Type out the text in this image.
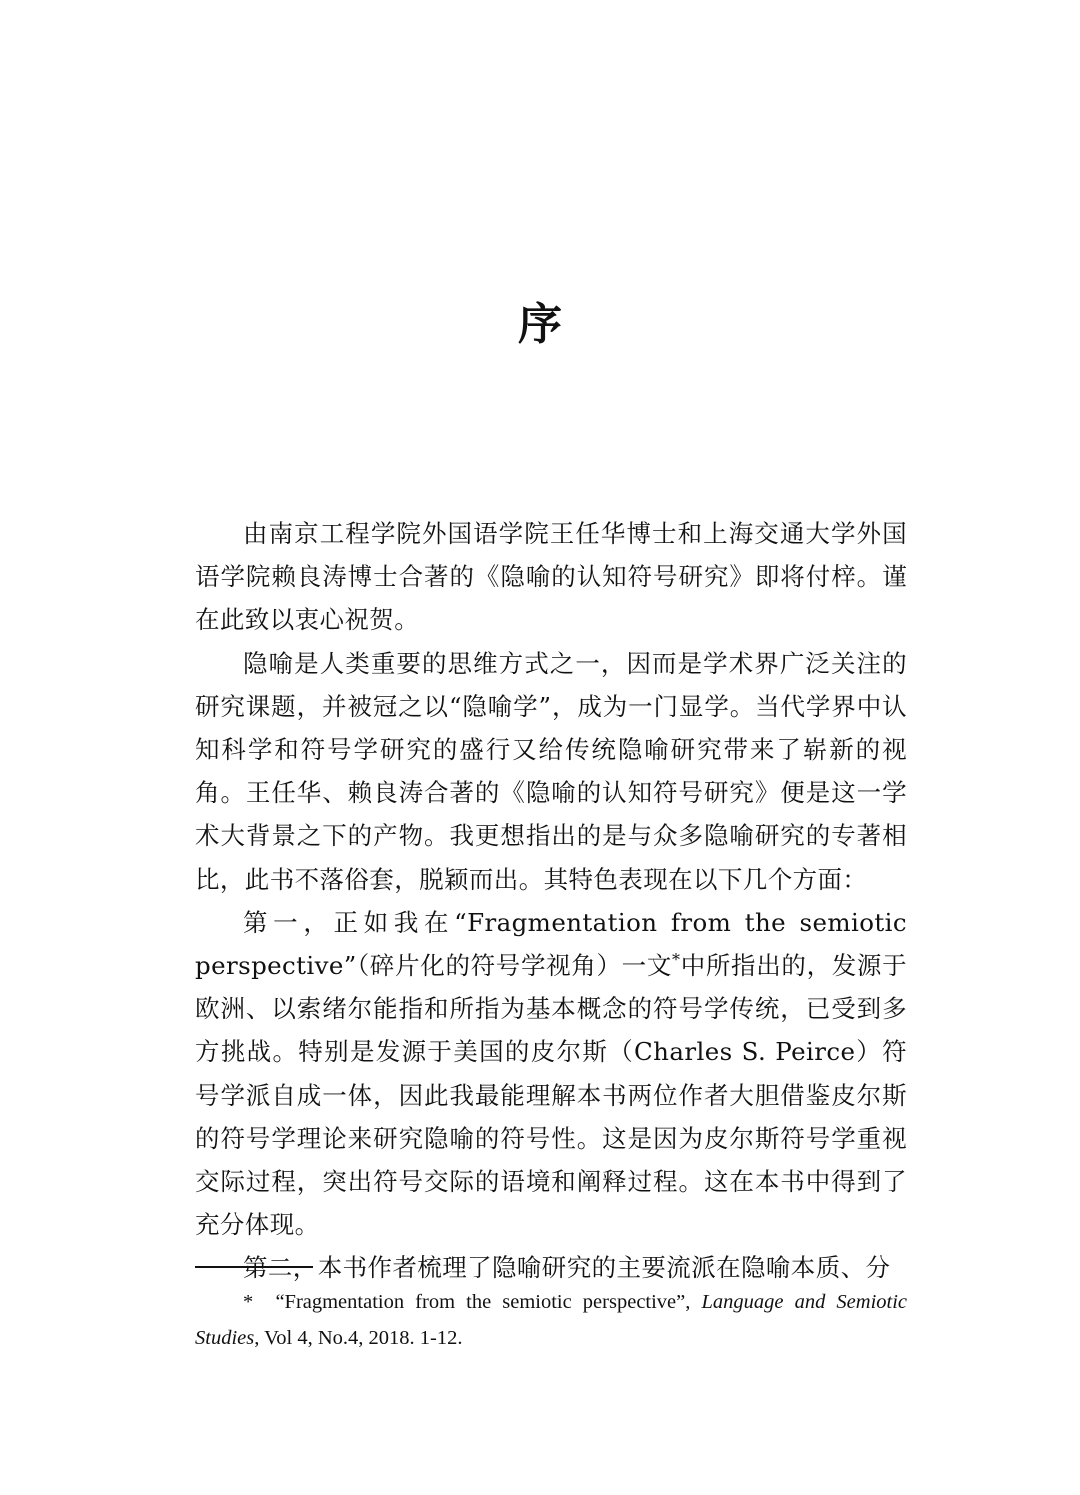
序

由南京工程学院外国语学院王任华博士和上海交通大学外国语学院赖良涛博士合著的《隐喻的认知符号研究》即将付梓。谨在此致以衷心祝贺。

隐喻是人类重要的思维方式之一，因而是学术界广泛关注的研究课题，并被冠之以“隐喻学”，成为一门显学。当代学界中认知科学和符号学研究的盛行又给传统隐喻研究带来了崭新的视角。王任华、赖良涛合著的《隐喻的认知符号研究》便是这一学术大背景之下的产物。我更想指出的是与众多隐喻研究的专著相比，此书不落俗套，脱颖而出。其特色表现在以下几个方面：

第一，正如我在“Fragmentation from the semiotic perspective”（碎片化的符号学视角）一文*中所指出的，发源于欧洲、以索绪尔能指和所指为基本概念的符号学传统，已受到多方挑战。特别是发源于美国的皮尔斯（Charles S. Peirce）符号学派自成一体，因此我最能理解本书两位作者大胆借鉴皮尔斯的符号学理论来研究隐喻的符号性。这是因为皮尔斯符号学重视交际过程，突出符号交际的语境和阐释过程。这在本书中得到了充分体现。

第二，本书作者梳理了隐喻研究的主要流派在隐喻本质、分

* “Fragmentation from the semiotic perspective”, Language and Semiotic Studies, Vol 4, No.4, 2018. 1-12.
